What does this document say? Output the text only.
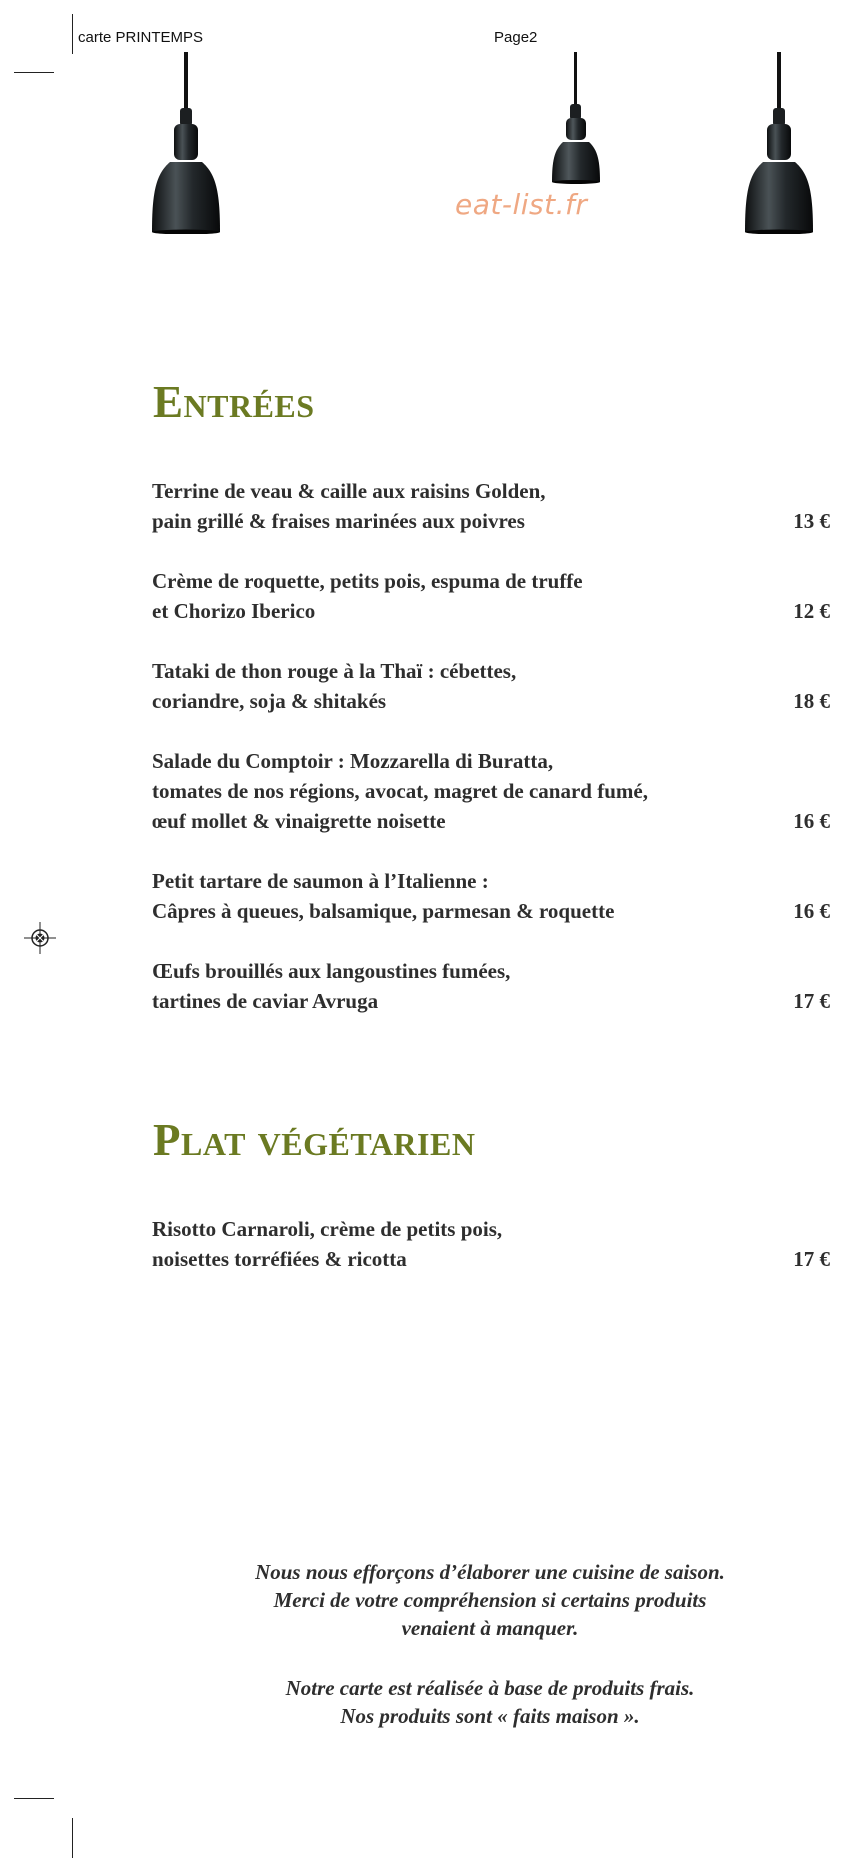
carte PRINTEMPS	Page2
eat-list.fr
Entrées
Terrine de veau & caille aux raisins Golden,
pain grillé & fraises marinées aux poivres	13 €
Crème de roquette, petits pois, espuma de truffe
et Chorizo Iberico	12 €
Tataki de thon rouge à la Thaï : cébettes,
coriandre, soja & shitakés	18 €
Salade du Comptoir : Mozzarella di Buratta,
tomates de nos régions, avocat, magret de canard fumé,
œuf mollet & vinaigrette noisette	16 €
Petit tartare de saumon à l’Italienne :
Câpres à queues, balsamique, parmesan & roquette	16 €
Œufs brouillés aux langoustines fumées,
tartines de caviar Avruga	17 €
Plat végétarien
Risotto Carnaroli, crème de petits pois,
noisettes torréfiées & ricotta	17 €
Nous nous efforçons d’élaborer une cuisine de saison.
Merci de votre compréhension si certains produits
venaient à manquer.
Notre carte est réalisée à base de produits frais.
Nos produits sont « faits maison ».
